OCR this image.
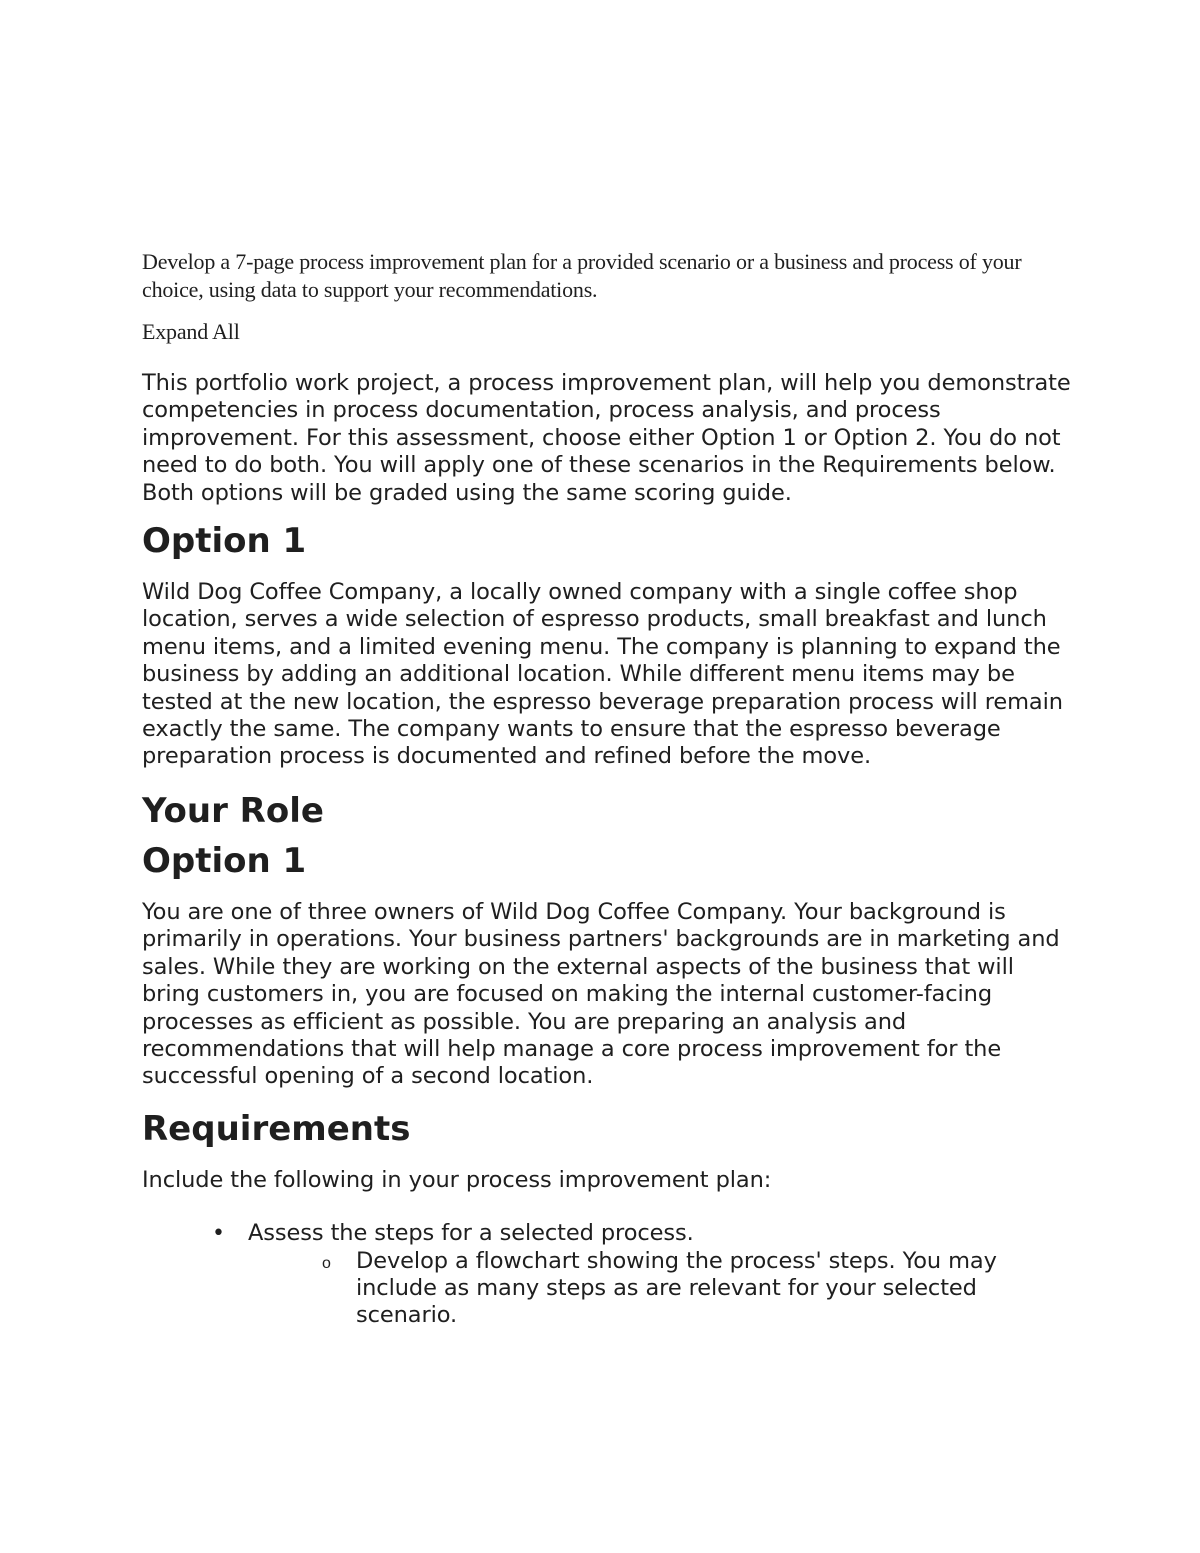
Develop a 7-page process improvement plan for a provided scenario or a business and process of your choice, using data to support your recommendations.

Expand All

This portfolio work project, a process improvement plan, will help you demonstrate competencies in process documentation, process analysis, and process improvement. For this assessment, choose either Option 1 or Option 2. You do not need to do both. You will apply one of these scenarios in the Requirements below. Both options will be graded using the same scoring guide.

Option 1

Wild Dog Coffee Company, a locally owned company with a single coffee shop location, serves a wide selection of espresso products, small breakfast and lunch menu items, and a limited evening menu. The company is planning to expand the business by adding an additional location. While different menu items may be tested at the new location, the espresso beverage preparation process will remain exactly the same. The company wants to ensure that the espresso beverage preparation process is documented and refined before the move.

Your Role
Option 1

You are one of three owners of Wild Dog Coffee Company. Your background is primarily in operations. Your business partners' backgrounds are in marketing and sales. While they are working on the external aspects of the business that will bring customers in, you are focused on making the internal customer-facing processes as efficient as possible. You are preparing an analysis and recommendations that will help manage a core process improvement for the successful opening of a second location.

Requirements

Include the following in your process improvement plan:

• Assess the steps for a selected process.
o Develop a flowchart showing the process' steps. You may include as many steps as are relevant for your selected scenario.
